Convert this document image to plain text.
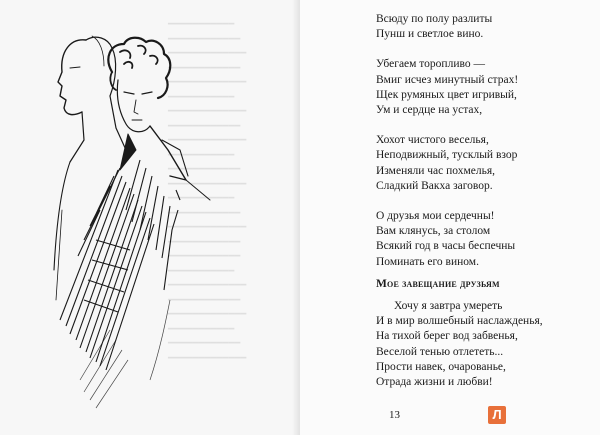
━━━━━━━━━━━
━━━━━━━━━━━━
━━━━━━━━━━━━━
━━━━━━━━━━━━
━━━━━━━━━━━━━
━━━━━━━━━━━
━━━━━━━━━━━━━
━━━━━━━━━━━━
━━━━━━━━━━━━━
━━━━━━━━━━━
━━━━━━━━━━━━
━━━━━━━━━━━━━
━━━━━━━━━━━
━━━━━━━━━━━━
━━━━━━━━━━━━━
━━━━━━━━━━━━
━━━━━━━━━━━━
━━━━━━━━━━━
━━━━━━━━━━━━━
━━━━━━━━━━━━
━━━━━━━━━━━━━
━━━━━━━━━━━
━━━━━━━━━━━━
━━━━━━━━━━━━━
Всюду по полу разлиты
Пунш и светлое вино.
Убегаем торопливо —
Вмиг исчез минутный страх!
Щек румяных цвет игривый,
Ум и сердце на устах,
Хохот чистого веселья,
Неподвижный, тусклый взор
Изменяли час похмелья,
Сладкий Вакха заговор.
О друзья мои сердечны!
Вам клянусь, за столом
Всякий год в часы беспечны
Поминать его вином.
Мое завещание друзьям
Хочу я завтра умереть
И в мир волшебный наслажденья,
На тихой берег вод забвенья,
Веселой тенью отлететь...
Прости навек, очарованье,
Отрада жизни и любви!
13	Л
